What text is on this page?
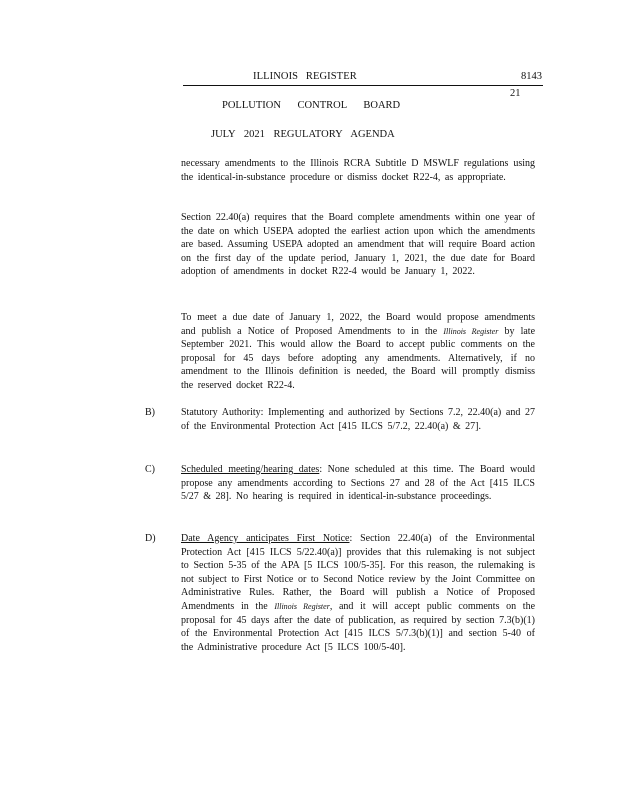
ILLINOIS REGISTER	8143
21
POLLUTION CONTROL BOARD
JULY 2021 REGULATORY AGENDA

necessary amendments to the Illinois RCRA Subtitle D MSWLF regulations using the identical-in-substance procedure or dismiss docket R22-4, as appropriate.

Section 22.40(a) requires that the Board complete amendments within one year of the date on which USEPA adopted the earliest action upon which the amendments are based. Assuming USEPA adopted an amendment that will require Board action on the first day of the update period, January 1, 2021, the due date for Board adoption of amendments in docket R22-4 would be January 1, 2022.

To meet a due date of January 1, 2022, the Board would propose amendments and publish a Notice of Proposed Amendments to in the Illinois Register by late September 2021. This would allow the Board to accept public comments on the proposal for 45 days before adopting any amendments. Alternatively, if no amendment to the Illinois definition is needed, the Board will promptly dismiss the reserved docket R22-4.

B)	Statutory Authority: Implementing and authorized by Sections 7.2, 22.40(a) and 27 of the Environmental Protection Act [415 ILCS 5/7.2, 22.40(a) & 27].

C)	Scheduled meeting/hearing dates: None scheduled at this time. The Board would propose any amendments according to Sections 27 and 28 of the Act [415 ILCS 5/27 & 28]. No hearing is required in identical-in-substance proceedings.

D)	Date Agency anticipates First Notice: Section 22.40(a) of the Environmental Protection Act [415 ILCS 5/22.40(a)] provides that this rulemaking is not subject to Section 5-35 of the APA [5 ILCS 100/5-35]. For this reason, the rulemaking is not subject to First Notice or to Second Notice review by the Joint Committee on Administrative Rules. Rather, the Board will publish a Notice of Proposed Amendments in the Illinois Register, and it will accept public comments on the proposal for 45 days after the date of publication, as required by section 7.3(b)(1) of the Environmental Protection Act [415 ILCS 5/7.3(b)(1)] and section 5-40 of the Administrative procedure Act [5 ILCS 100/5-40].
